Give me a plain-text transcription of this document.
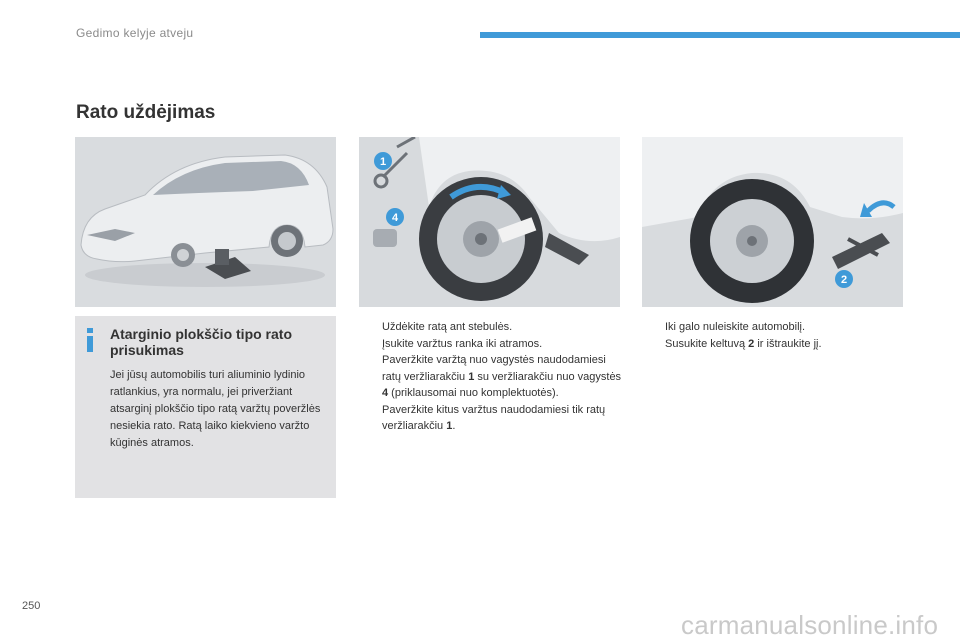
Gedimo kelyje atveju
Rato uždėjimas
1
4
2
Atarginio plokščio tipo rato prisukimas
Jei jūsų automobilis turi aliuminio lydinio ratlankius, yra normalu, jei priveržiant atsarginį plokščio tipo ratą varžtų poveržlės nesiekia rato. Ratą laiko kiekvieno varžto kūginės atramos.
Uždėkite ratą ant stebulės.
Įsukite varžtus ranka iki atramos.
Paveržkite varžtą nuo vagystės naudodamiesi ratų veržliarakčiu 1 su veržliarakčiu nuo vagystės 4 (priklausomai nuo komplektuotės).
Paveržkite kitus varžtus naudodamiesi tik ratų veržliarakčiu 1.
Iki galo nuleiskite automobilį.
Susukite keltuvą 2 ir ištraukite jį.
250
carmanualsonline.info
